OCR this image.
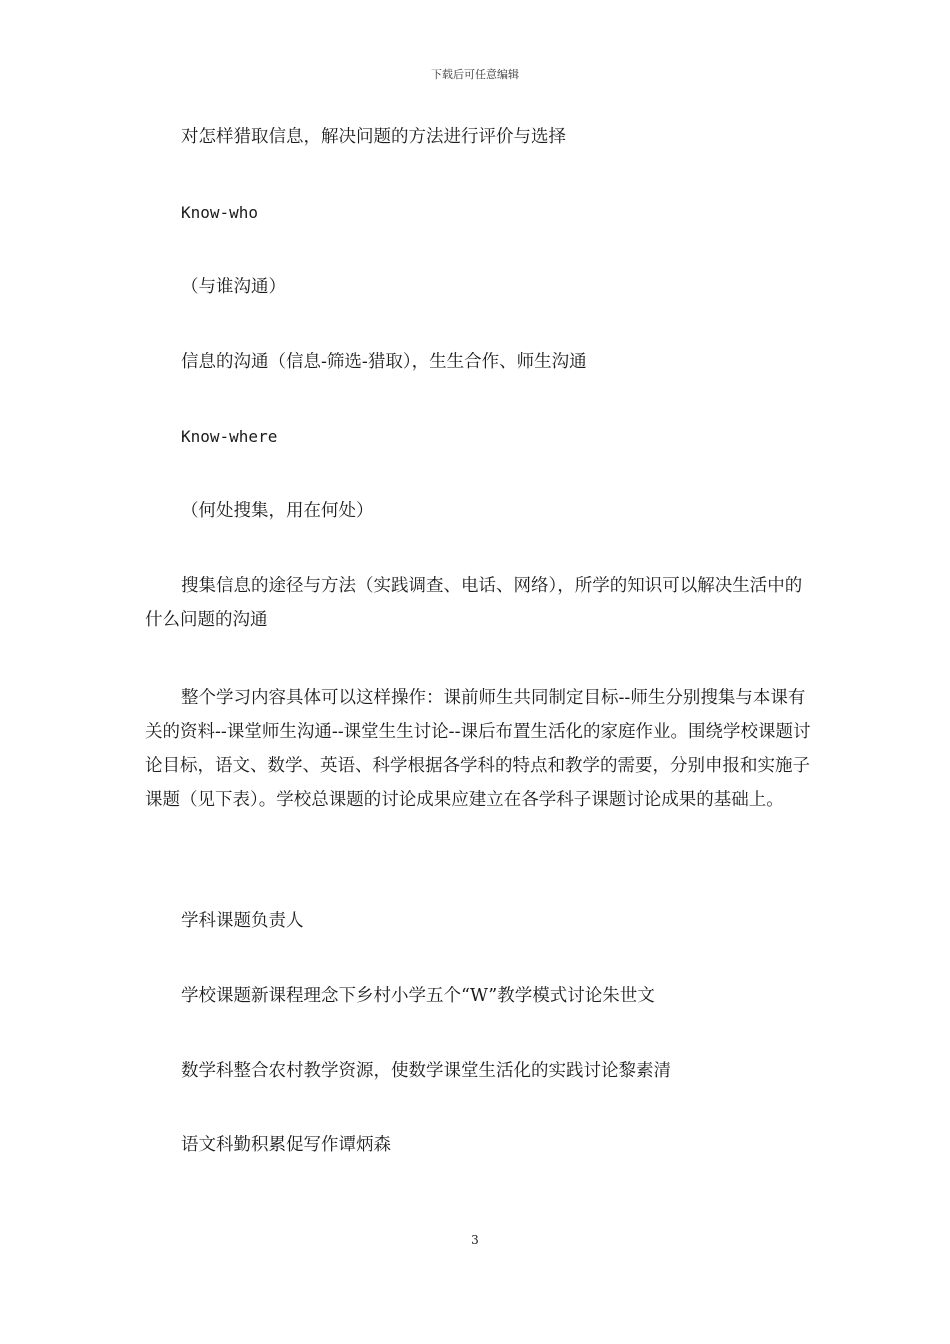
下载后可任意编辑

对怎样猎取信息，解决问题的方法进行评价与选择

Know-who

（与谁沟通）

信息的沟通（信息-筛选-猎取），生生合作、师生沟通

Know-where

（何处搜集，用在何处）

搜集信息的途径与方法（实践调查、电话、网络），所学的知识可以解决生活中的什么问题的沟通

整个学习内容具体可以这样操作：课前师生共同制定目标--师生分别搜集与本课有关的资料--课堂师生沟通--课堂生生讨论--课后布置生活化的家庭作业。围绕学校课题讨论目标，语文、数学、英语、科学根据各学科的特点和教学的需要，分别申报和实施子课题（见下表）。学校总课题的讨论成果应建立在各学科子课题讨论成果的基础上。

学科课题负责人

学校课题新课程理念下乡村小学五个“W”教学模式讨论朱世文

数学科整合农村教学资源，使数学课堂生活化的实践讨论黎素清

语文科勤积累促写作谭炳森

3
